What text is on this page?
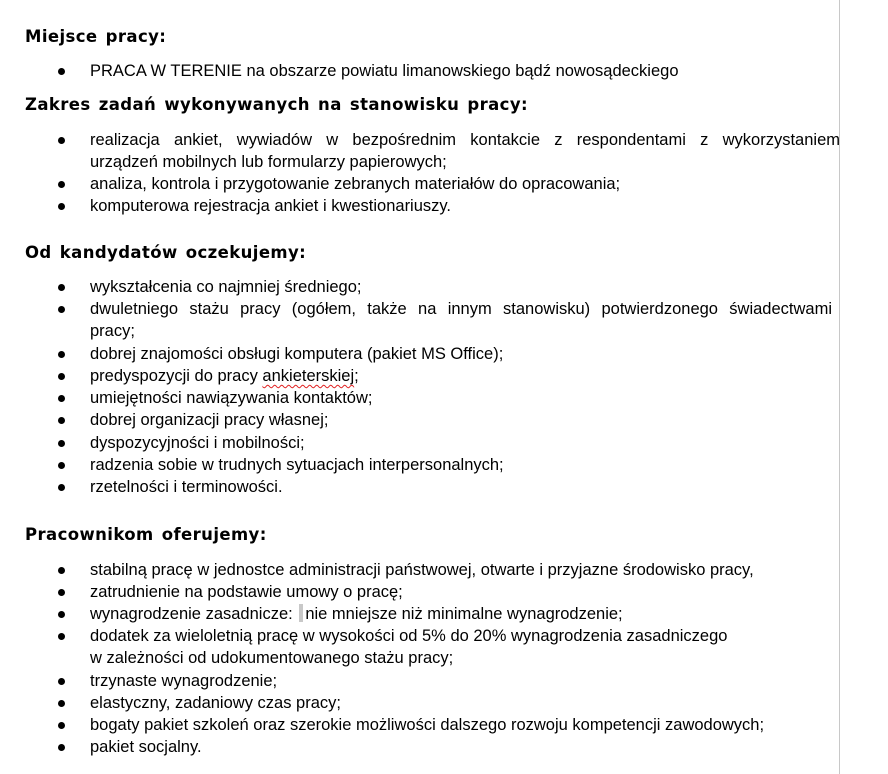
Miejsce pracy:
PRACA W TERENIE na obszarze powiatu limanowskiego bądź nowosądeckiego
Zakres zadań wykonywanych na stanowisku pracy:
realizacja ankiet, wywiadów w bezpośrednim kontakcie z respondentami z wykorzystaniem
urządzeń mobilnych lub formularzy papierowych;
analiza, kontrola i przygotowanie zebranych materiałów do opracowania;
komputerowa rejestracja ankiet i kwestionariuszy.
Od kandydatów oczekujemy:
wykształcenia co najmniej średniego;
dwuletniego stażu pracy (ogółem, także na innym stanowisku) potwierdzonego świadectwami
pracy;
dobrej znajomości obsługi komputera (pakiet MS Office);
predyspozycji do pracy ankieterskiej;
umiejętności nawiązywania kontaktów;
dobrej organizacji pracy własnej;
dyspozycyjności i mobilności;
radzenia sobie w trudnych sytuacjach interpersonalnych;
rzetelności i terminowości.
Pracownikom oferujemy:
stabilną pracę w jednostce administracji państwowej, otwarte i przyjazne środowisko pracy,
zatrudnienie na podstawie umowy o pracę;
wynagrodzenie zasadnicze: nie mniejsze niż minimalne wynagrodzenie;
dodatek za wieloletnią pracę w wysokości od 5% do 20% wynagrodzenia zasadniczego
w zależności od udokumentowanego stażu pracy;
trzynaste wynagrodzenie;
elastyczny, zadaniowy czas pracy;
bogaty pakiet szkoleń oraz szerokie możliwości dalszego rozwoju kompetencji zawodowych;
pakiet socjalny.
